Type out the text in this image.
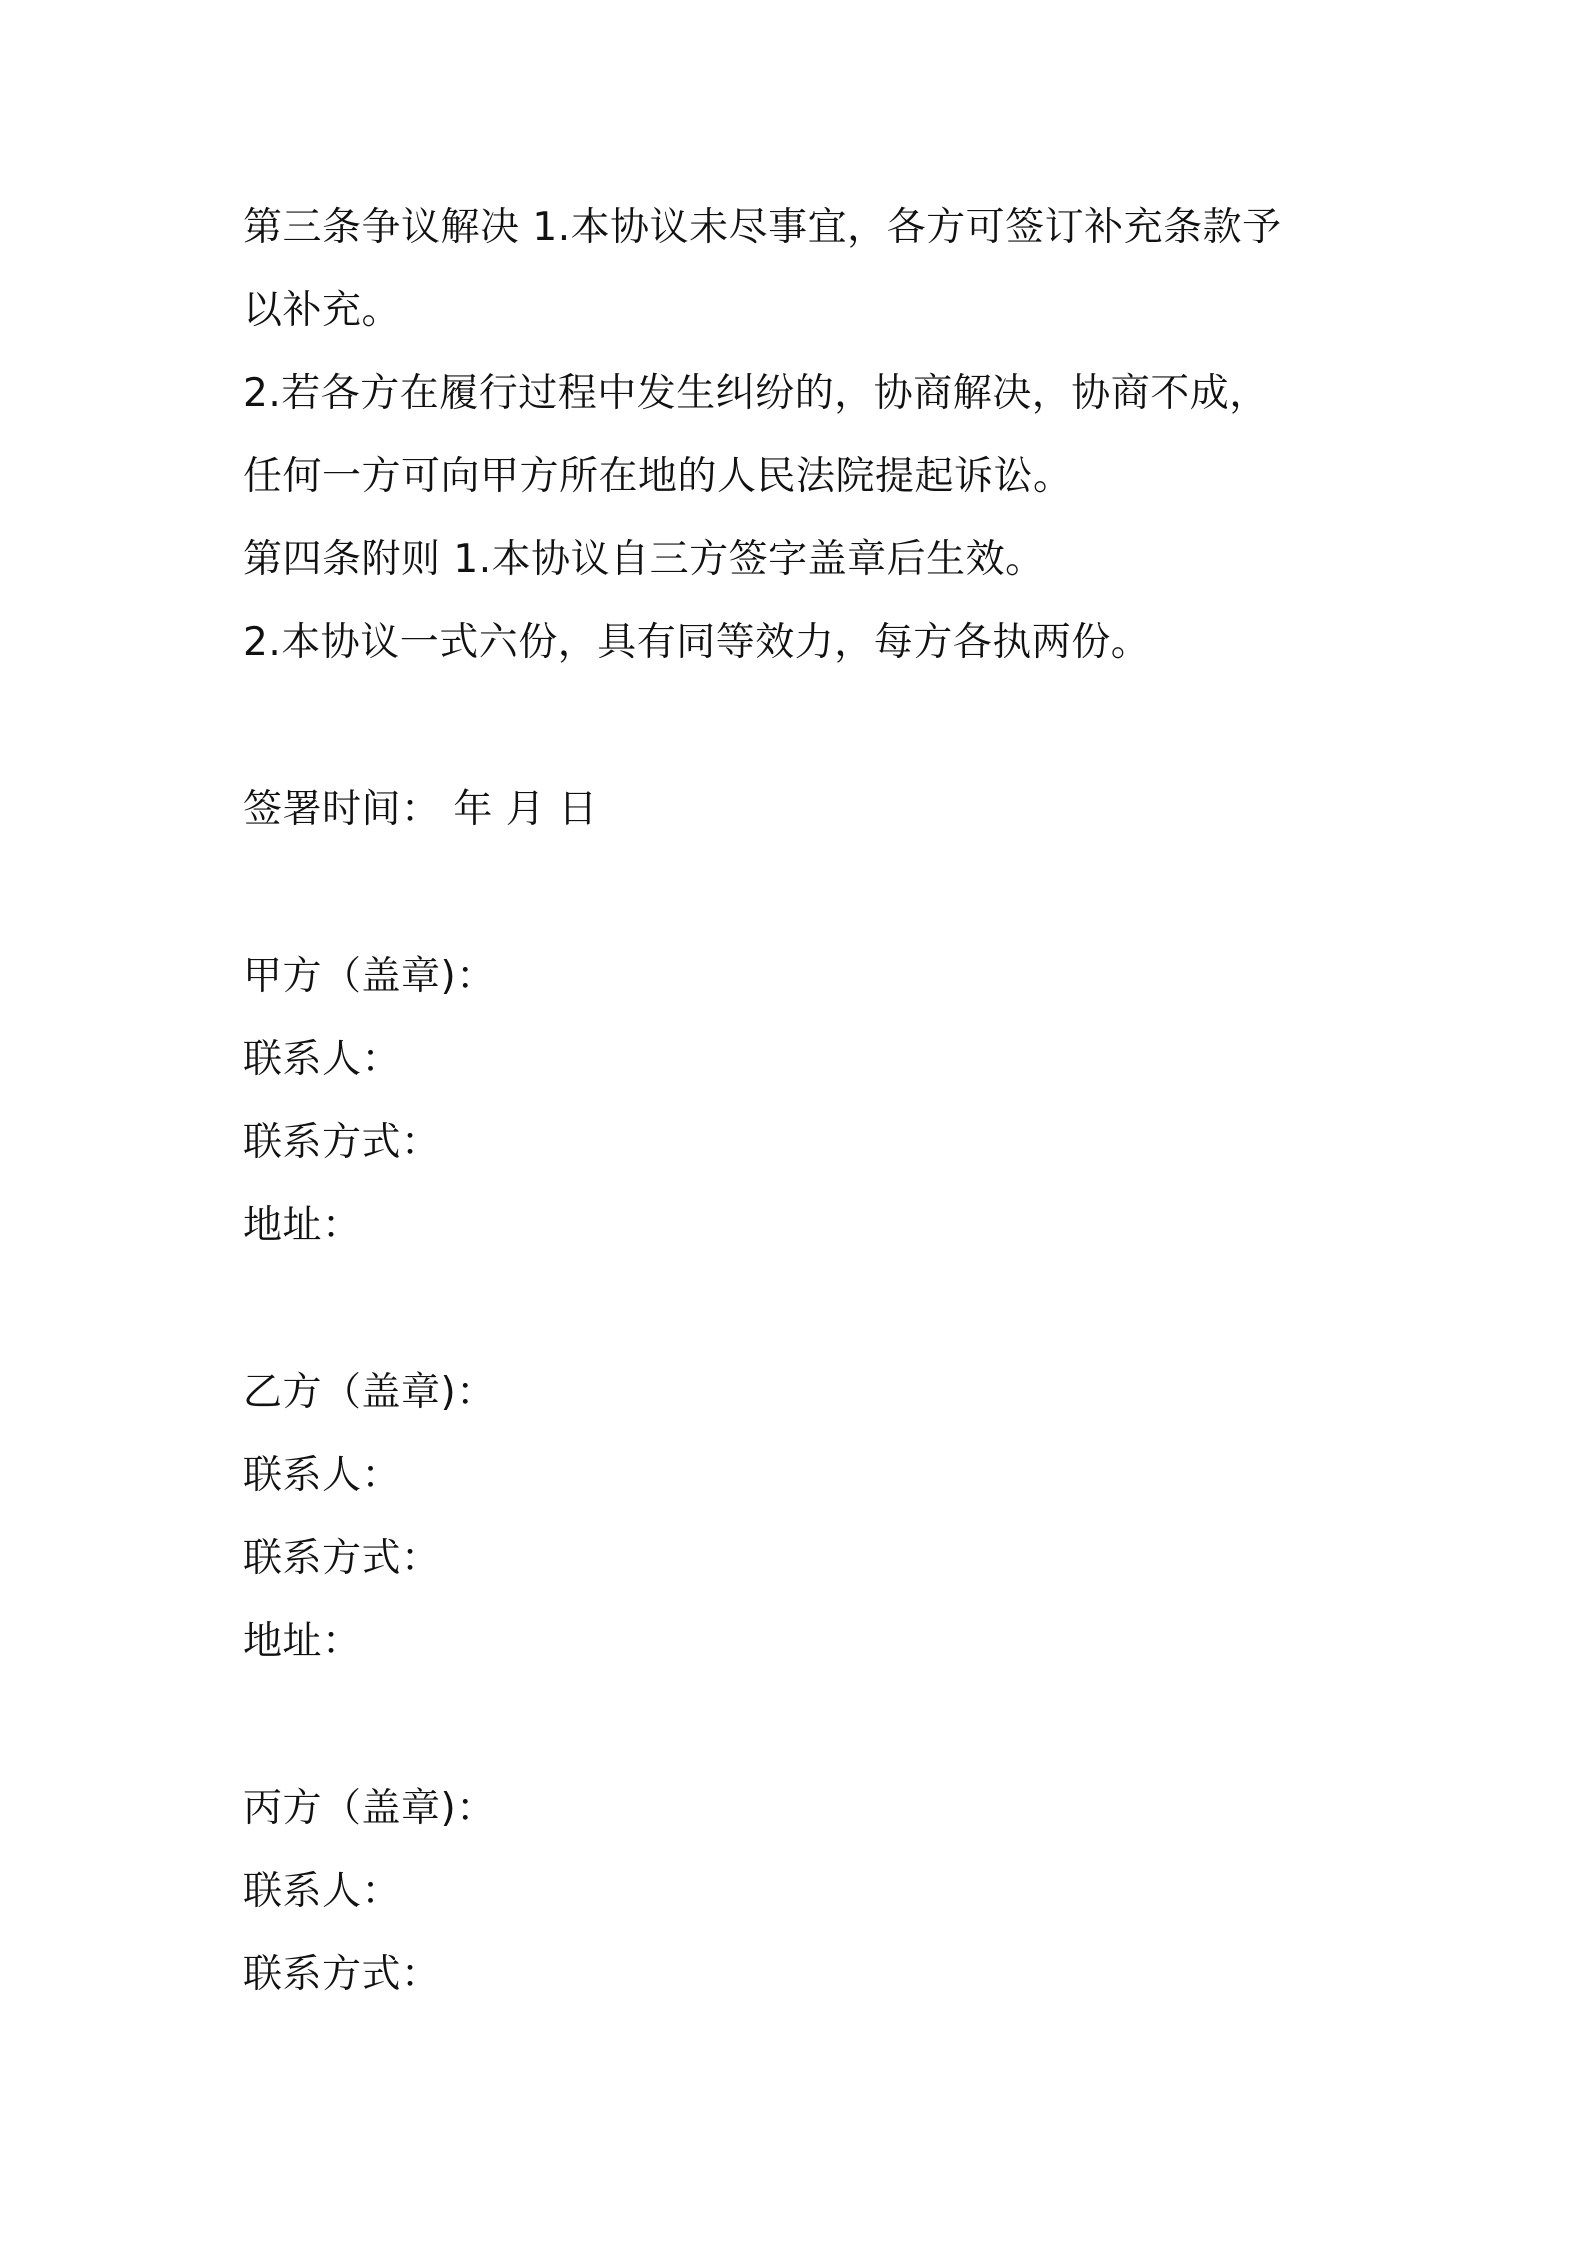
第三条争议解决 1.本协议未尽事宜，各方可签订补充条款予
以补充。
2.若各方在履行过程中发生纠纷的，协商解决，协商不成，
任何一方可向甲方所在地的人民法院提起诉讼。
第四条附则 1.本协议自三方签字盖章后生效。
2.本协议一式六份，具有同等效力，每方各执两份。
签署时间： 年 月 日
甲方（盖章)：
联系人：
联系方式：
地址：
乙方（盖章)：
联系人：
联系方式：
地址：
丙方（盖章)：
联系人：
联系方式：
